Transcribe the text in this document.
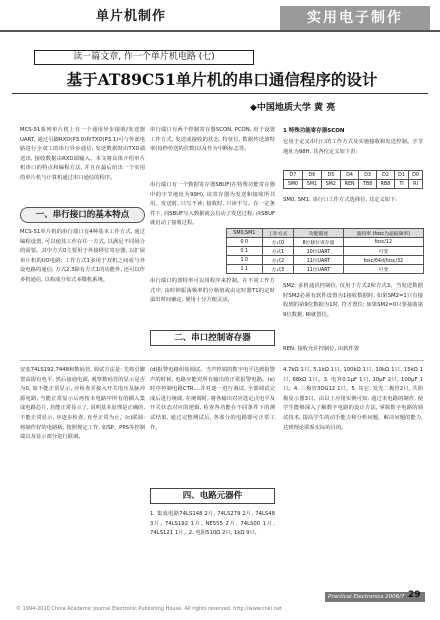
单片机制作	实用电子制作
读一篇文章, 作一个单片机电路 (七)
基于AT89C51单片机的串口通信程序的设计
◆中国地质大学 黄 亮
MCS-51系列单片机上有一个通用异步接收/发送器UART, 通过引脚RXD(P3.0)和TXD(P3.1)可与外部电路进行全双工的串行异步通信, 发送数据时由TXD端送出, 接收数据由RXD端输入。本文将具体介绍单片机串口的特点和编程方法, 并且在最后给出一个实用的单片机与计算机通过串口通信的程序。
一、串行接口的基本特点
MCS-51单片机的串行端口有4种基本工作方式, 通过编程设置, 可以使其工作在任一方式, 以满足不同场合的需要。其中方式0主要用于外接移位寄存器, 以扩展单片机的I/O电路; 工作方式1多用于双机之间或与外设电路的通信; 方式2,3除有方式1的功能外, 还可以作多机通信, 以构成分布式多微机系统。
串行端口有两个控制寄存器SCON, PCON, 用于设置工作方式, 发送或接收的状态, 特征位, 数据传送波特率(每秒传送的位数)以及作为中断标志等。
串行端口有一个数据寄存器SBUF(在特殊功能寄存器中的字节地址为99H), 该寄存器为发送和接收所共用。发送时, 只写不读; 接收时, 只读不写。在一定条件下, 向SBUF写入数据就会启动了发送过程; 读SBUF就启动了接收过程。
串行端口的波特率可以用程序来控制。在不同工作方式中, 由时钟振荡频率的分频值或由定时器T1的定时溢出时间确定, 使用十分方便灵活。
二、串口控制寄存器
1 特殊功能寄存器SCON
它用于定义串行口的工作方式及实施接收和发送控制。字节地址为98H, 其各位定义如下表:
D7	D6	D5	D4	D3	D2	D1	D0
SM0	SM1	SM2	REN	TB8	RB8	TI	RI
SM0, SM1: 串行口工作方式选择位, 其定义如下:
SM0,SM1	工作方式	功能描述	波特率 (fosc为晶振频率)
0 0	方式0	8位移位寄存器	fosc/12
0 1	方式1	10位UART	可变
1 0	方式2	11位UART	fosc/64或fosc/32
1 1	方式3	11位UART	可变
SM2: 多机通讯控制位, 仅用于方式2和方式3。当发送数据时SM2必须有软件设置为1接收数据时, 如果SM2=1只有接收到的第9位数据为1时, 符才置位; 如果SM2=0只要接收第9位数据, RI就置位。
REN: 接收允许控制位, 由软件置
安装74LS192,7448和数码管, 调试方法是: 先将引脚置高即有电平, 然后接通电源, 观察数码管的显示是否为0, 如不能正常显示, 应检查并接入开关电压及脉冲源电路, 当能正常显示后再按本电路中所有的插入集成电路芯片, 若能正常显示了, 说明基本原理是正确的, 不能正常显示, 应逐步检查, 直至正常为止。(c)联调: 将制作好的电路板, 按照规定工作, 如SP、PPS等控制端以及显示部分进行联调。
(d)报警电路组装调试。当声控端的数字电平达到报警声的时候, 电路应能对所有输出的正常报警电路。(e)时序控制电路CTR....并对逐一进行调试, 全部调试完成后进行统调, 在统调时, 将各输出对应选定点电平及开关状态对应的逻辑, 检查各功能在不同条件下的测试结果, 通过完整测试后, 各部分的电路即可正常工作。
四、电路元器件
1. 集成电路74LS148 2片, 74LS279 2片, 74LS48 3片, 74LS192 1片, NE555 2片, 74LS00 1片, 74LS121 1片。2. 电阻510Ω 2只, 1kΩ 9只,
4.7kΩ 1只, 5.1kΩ 1只, 100kΩ 1只, 10kΩ 1只, 15kΩ 1只, 68kΩ 1只。3. 电容0.1μF 1只, 10μF 2只, 100μF 1只。4. 三极管3DG12 1只。5. 其它: 发光二极管2只, 共阴极显示器3只。由以上应用实例可知: 通过本电路的制作, 使学生能够深入了解数字电路的设计方法, 掌握数字电路的调试技术, 提高学生的动手能力和分析问题、解决问题的能力, 达到理论联系实际的目的。
Practical Electronics 2006/7 29
© 1994-2010 China Academic Journal Electronic Publishing House. All rights reserved. http://www.cnki.net
